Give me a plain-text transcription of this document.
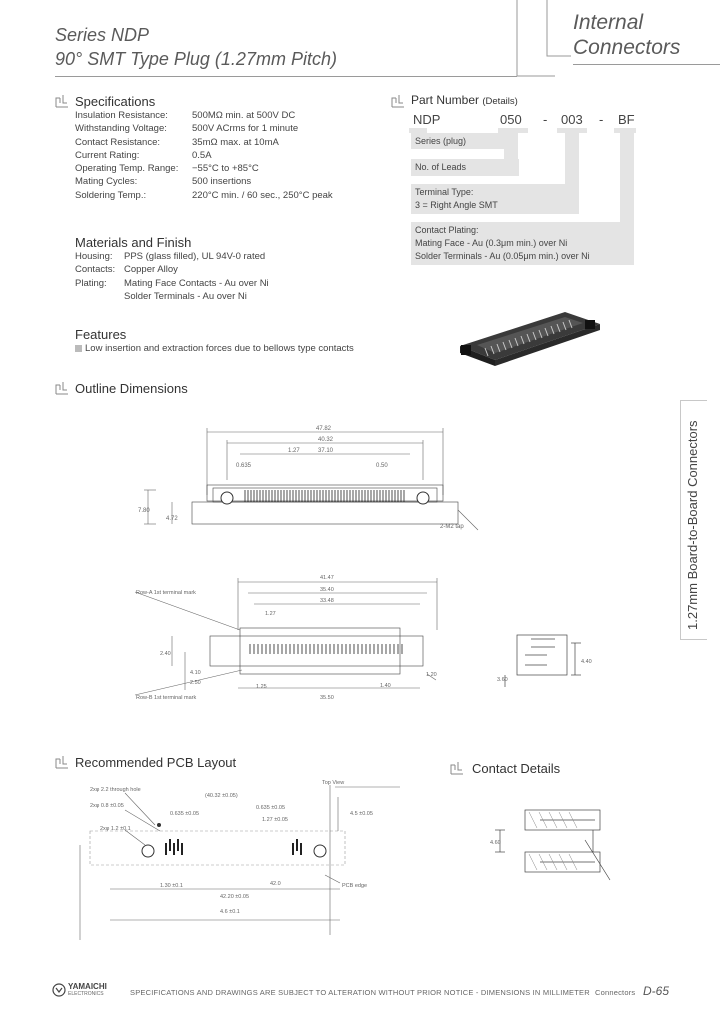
Series NDP
90° SMT Type Plug (1.27mm Pitch)
Internal
Connectors
Specifications
Insulation Resistance:	500MΩ min. at 500V DC
Withstanding Voltage:	500V ACrms for 1 minute
Contact Resistance:	35mΩ max. at 10mA
Current Rating:	0.5A
Operating Temp. Range:	−55°C to +85°C
Mating Cycles:	500 insertions
Soldering Temp.:	220°C min. / 60 sec., 250°C peak
Materials and Finish
Housing:	PPS (glass filled), UL 94V-0 rated
Contacts: Copper Alloy
Plating:	Mating Face Contacts - Au over Ni
Solder Terminals - Au over Ni
Features
Low insertion and extraction forces due to bellows type contacts
Part Number (Details)
NDP	050 - 003 - BF
Series (plug)
No. of Leads
Terminal Type:
3 = Right Angle SMT
Contact Plating:
Mating Face - Au (0.3μm min.) over Ni
Solder Terminals - Au (0.05μm min.) over Ni
Outline Dimensions
47.82
40.32
37.10
1.27
0.635	0.50
7.80
4.72
2-M2 tap
41.47
35.40
33.48
1.27
2.40
4.10
2.50
1.25	1.40
35.50
1.20
Row-A 1st terminal mark
Row-B 1st terminal mark
4.40
3.60
1.27mm Board-to-Board Connectors
Recommended PCB Layout
Top View
2xφ 2.2 through hole
2xφ 0.8 ±0.05
2xφ 1.2 ±0.1
(40.32 ±0.05)
0.635 ±0.05
0.635 ±0.05
1.27 ±0.05
42.0
1.30 ±0.1	PCB edge
4.5 ±0.05
42.20 ±0.05
4.6 ±0.1
Contact Details
4.60
YAMAICHI
ELECTRONICS	SPECIFICATIONS AND DRAWINGS ARE SUBJECT TO ALTERATION WITHOUT PRIOR NOTICE - DIMENSIONS IN MILLIMETER Connectors D-65
